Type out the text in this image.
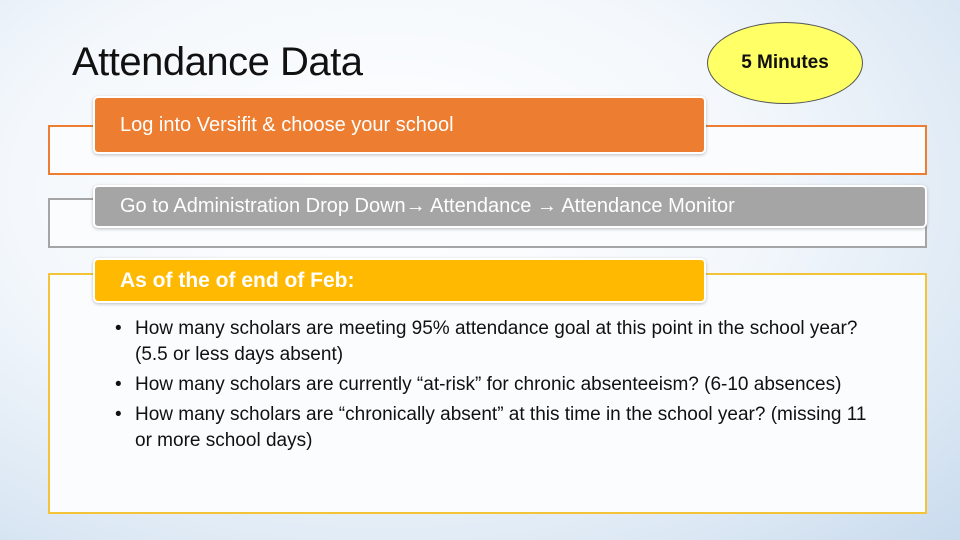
Attendance Data	5 Minutes
Log into Versifit & choose your school
Go to Administration Drop Down→ Attendance → Attendance Monitor
As of the of end of Feb:
• How many scholars are meeting 95% attendance goal at this point in the school year? (5.5 or less days absent)
• How many scholars are currently “at-risk” for chronic absenteeism? (6-10 absences)
• How many scholars are “chronically absent” at this time in the school year? (missing 11 or more school days)
